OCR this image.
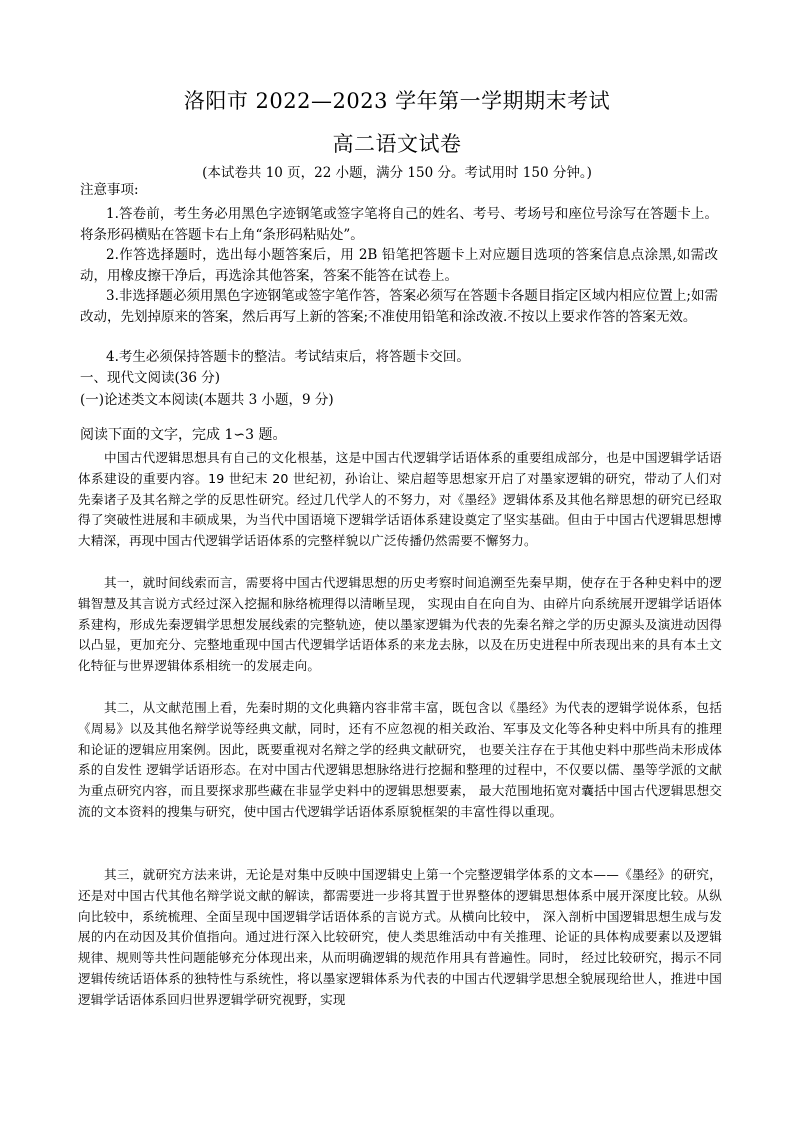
洛阳市 2022—2023 学年第一学期期末考试
高二语文试卷
(本试卷共 10 页，22 小题，满分 150 分。考试用时 150 分钟。)
注意事项:
1.答卷前，考生务必用黑色字迹钢笔或签字笔将自己的姓名、考号、考场号和座位号涂写在答题卡上。将条形码横贴在答题卡右上角“条形码粘贴处”。
2.作答选择题时，选出每小题答案后，用 2B 铅笔把答题卡上对应题目选项的答案信息点涂黑,如需改动，用橡皮擦干净后，再选涂其他答案，答案不能答在试卷上。
3.非选择题必须用黑色字迹钢笔或签字笔作答，答案必须写在答题卡各题目指定区域内相应位置上;如需改动，先划掉原来的答案，然后再写上新的答案;不准使用铅笔和涂改液.不按以上要求作答的答案无效。
4.考生必须保持答题卡的整洁。考试结束后，将答题卡交回。
一、现代文阅读(36 分)
(一)论述类文本阅读(本题共 3 小题，9 分)
阅读下面的文字，完成 1∽3 题。
中国古代逻辑思想具有自己的文化根基，这是中国古代逻辑学话语体系的重要组成部分，也是中国逻辑学话语体系建设的重要内容。19 世纪末 20 世纪初，孙诒让、梁启超等思想家开启了对墨家逻辑的研究，带动了人们对先秦诸子及其名辩之学的反思性研究。经过几代学人的不努力，对《墨经》逻辑体系及其他名辩思想的研究已经取得了突破性进展和丰硕成果，为当代中国语境下逻辑学话语体系建设奠定了坚实基础。但由于中国古代逻辑思想博大精深，再现中国古代逻辑学话语体系的完整样貌以广泛传播仍然需要不懈努力。
其一，就时间线索而言，需要将中国古代逻辑思想的历史考察时间追溯至先秦早期，使存在于各种史料中的逻辑智慧及其言说方式经过深入挖掘和脉络梳理得以清晰呈现， 实现由自在向自为、由碎片向系统展开逻辑学话语体系建构，形成先秦逻辑学思想发展线索的完整轨迹，使以墨家逻辑为代表的先秦名辩之学的历史源头及演进动因得以凸显，更加充分、完整地重现中国古代逻辑学话语体系的来龙去脉，以及在历史进程中所表现出来的具有本土文化特征与世界逻辑体系相统一的发展走向。
其二，从文献范围上看，先秦时期的文化典籍内容非常丰富，既包含以《墨经》为代表的逻辑学说体系，包括《周易》以及其他名辩学说等经典文献，同时，还有不应忽视的相关政治、军事及文化等各种史料中所具有的推理和论证的逻辑应用案例。因此，既要重视对名辩之学的经典文献研究， 也要关注存在于其他史料中那些尚未形成体系的自发性 逻辑学话语形态。在对中国古代逻辑思想脉络进行挖掘和整理的过程中，不仅要以儒、墨等学派的文献为重点研究内容，而且要探求那些藏在非显学史料中的逻辑思想要素， 最大范围地拓宽对囊括中国古代逻辑思想交流的文本资料的搜集与研究，使中国古代逻辑学话语体系原貌框架的丰富性得以重现。
其三，就研究方法来讲，无论是对集中反映中国逻辑史上第一个完整逻辑学体系的文本——《墨经》的研究，还是对中国古代其他名辩学说文献的解读，都需要进一步将其置于世界整体的逻辑思想体系中展开深度比较。从纵向比较中，系统梳理、全面呈现中国逻辑学话语体系的言说方式。从横向比较中， 深入剖析中国逻辑思想生成与发展的内在动因及其价值指向。通过进行深入比较研究，使人类思维活动中有关推理、论证的具体构成要素以及逻辑规律、规则等共性问题能够充分体现出来，从而明确逻辑的规范作用具有普遍性。同时， 经过比较研究，揭示不同逻辑传统话语体系的独特性与系统性，将以墨家逻辑体系为代表的中国古代逻辑学思想全貌展现给世人，推进中国逻辑学话语体系回归世界逻辑学研究视野，实现
